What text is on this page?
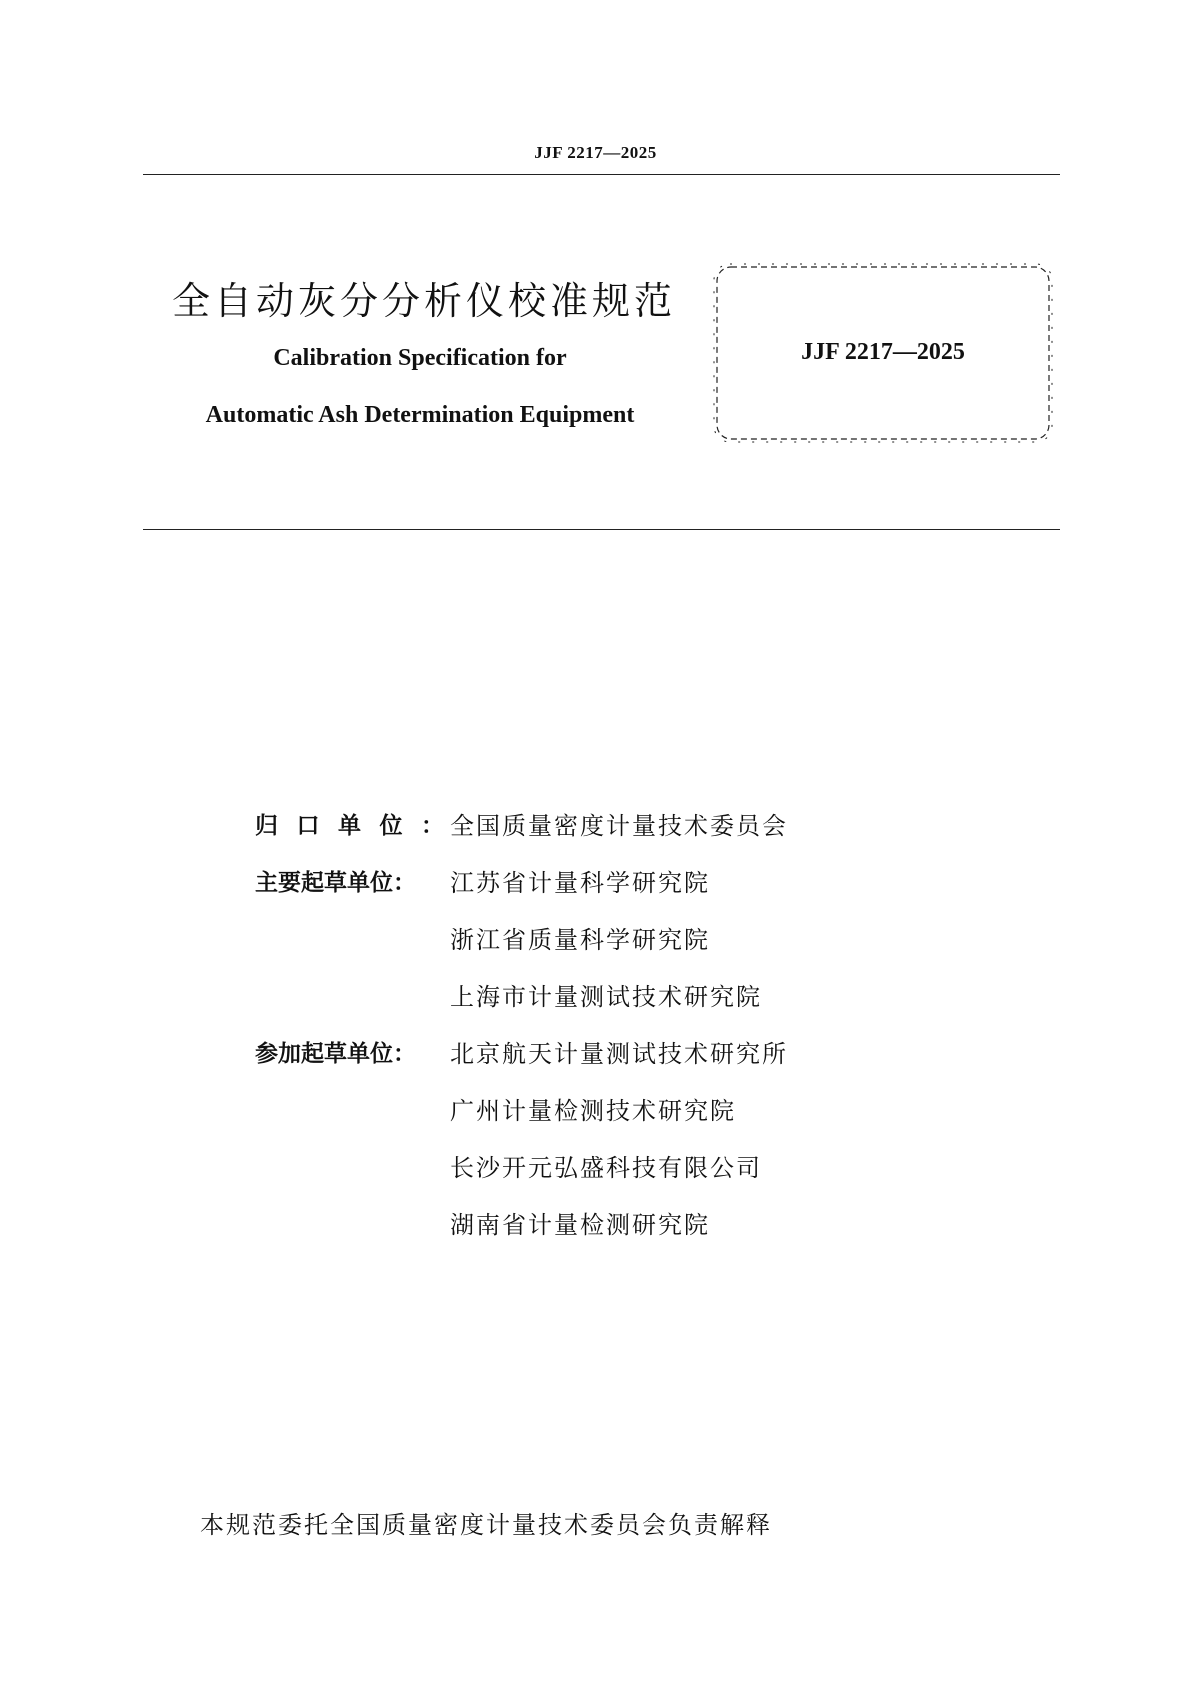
JJF 2217—2025
全自动灰分分析仪校准规范
Calibration Specification for
Automatic Ash Determination Equipment
JJF 2217—2025
归 口 单 位 ： 全国质量密度计量技术委员会
主要起草单位：	江苏省计量科学研究院
浙江省质量科学研究院
上海市计量测试技术研究院
参加起草单位：	北京航天计量测试技术研究所
广州计量检测技术研究院
长沙开元弘盛科技有限公司
湖南省计量检测研究院
本规范委托全国质量密度计量技术委员会负责解释
